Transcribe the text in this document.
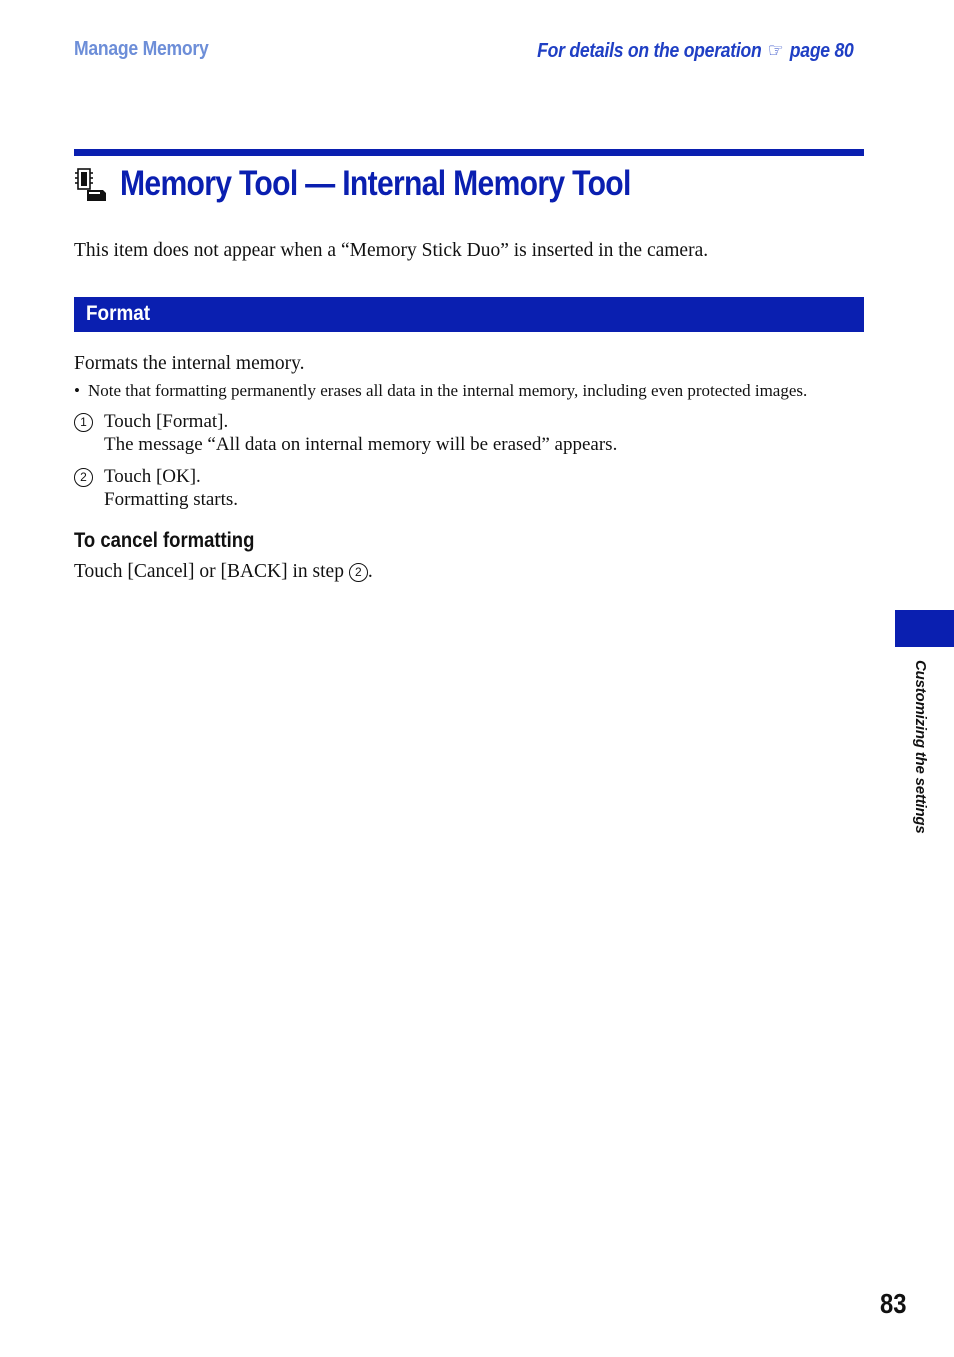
Manage Memory	For details on the operation ☞ page 80
Memory Tool — Internal Memory Tool
This item does not appear when a “Memory Stick Duo” is inserted in the camera.
Format
Formats the internal memory.
• Note that formatting permanently erases all data in the internal memory, including even protected images.
1 Touch [Format].
The message “All data on internal memory will be erased” appears.
2 Touch [OK].
Formatting starts.
To cancel formatting
Touch [Cancel] or [BACK] in step 2 .
Customizing the settings
83
